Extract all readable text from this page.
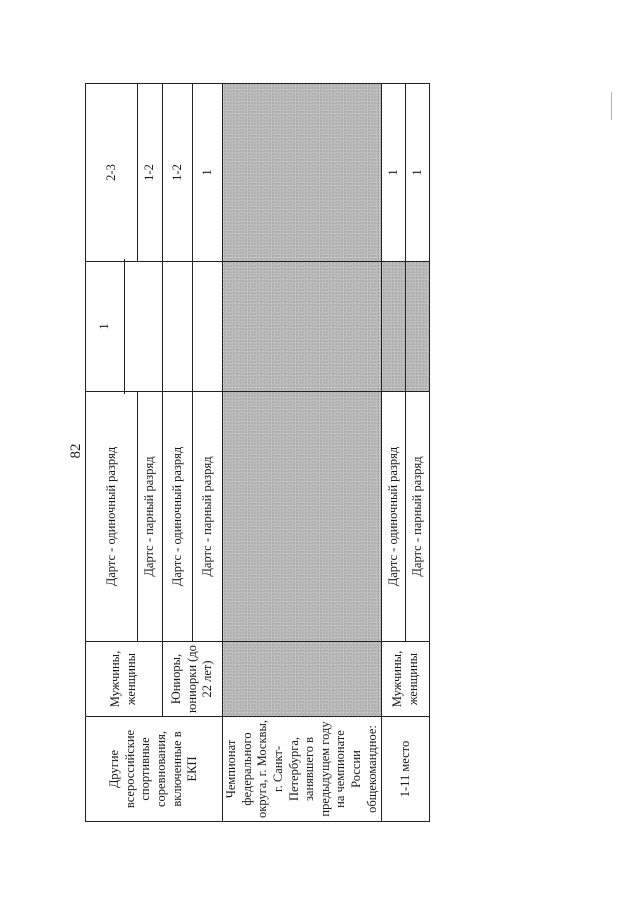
82
Другие всероссийские спортивные соревнования, включенные в ЕКП	Мужчины, женщины	Дартс - одиночный разряд	1	2-3
		Дартс - парный разряд		1-2
	Юниоры, юниорки (до 22 лет)	Дартс - одиночный разряд		1-2
		Дартс - парный разряд		1
Чемпионат федерального округа, г. Москвы, г. Санкт-Петербурга, занявшего в предыдущем году на чемпионате России общекомандное:				
1-11 место	Мужчины, женщины	Дартс - одиночный разряд		1
		Дартс - парный разряд		1
